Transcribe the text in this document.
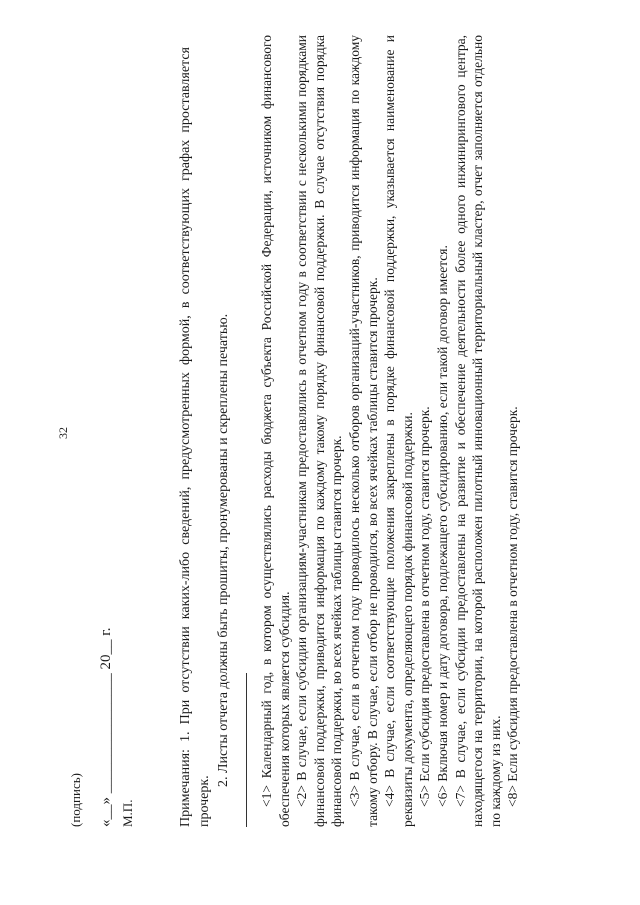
32
(подпись) «__» ________________ 20__ г. М.П.	Примечания: 1. При отсутствии каких-либо сведений, предусмотренных формой, в соответствующих графах проставляется прочерк.

2. Листы отчета должны быть прошиты, пронумерованы и скреплены печатью. <1> Календарный год, в котором осуществлялись расходы бюджета субъекта Российской Федерации, источником финансового обеспечения которых является субсидия. <2> В случае, если субсидии организациям-участникам предоставлялись в отчетном году в соответствии с несколькими порядками финансовой поддержки, приводится информация по каждому такому порядку финансовой поддержки. В случае отсутствия порядка финансовой поддержки, во всех ячейках таблицы ставится прочерк. <3> В случае, если в отчетном году проводилось несколько отборов организаций-участников, приводится информация по каждому такому отбору. В случае, если отбор не проводился, во всех ячейках таблицы ставится прочерк. <4> В случае, если соответствующие положения закреплены в порядке финансовой поддержки, указывается наименование и реквизиты документа, определяющего порядок финансовой поддержки. <5> Если субсидия предоставлена в отчетном году, ставится прочерк. <6> Включая номер и дату договора, подлежащего субсидированию, если такой договор имеется. <7> В случае, если субсидии предоставлены на развитие и обеспечение деятельности более одного инжинирингового центра, находящегося на территории, на которой расположен пилотный инновационный территориальный кластер, отчет заполняется отдельно по каждому из них. <8> Если субсидия предоставлена в отчетном году, ставится прочерк.
